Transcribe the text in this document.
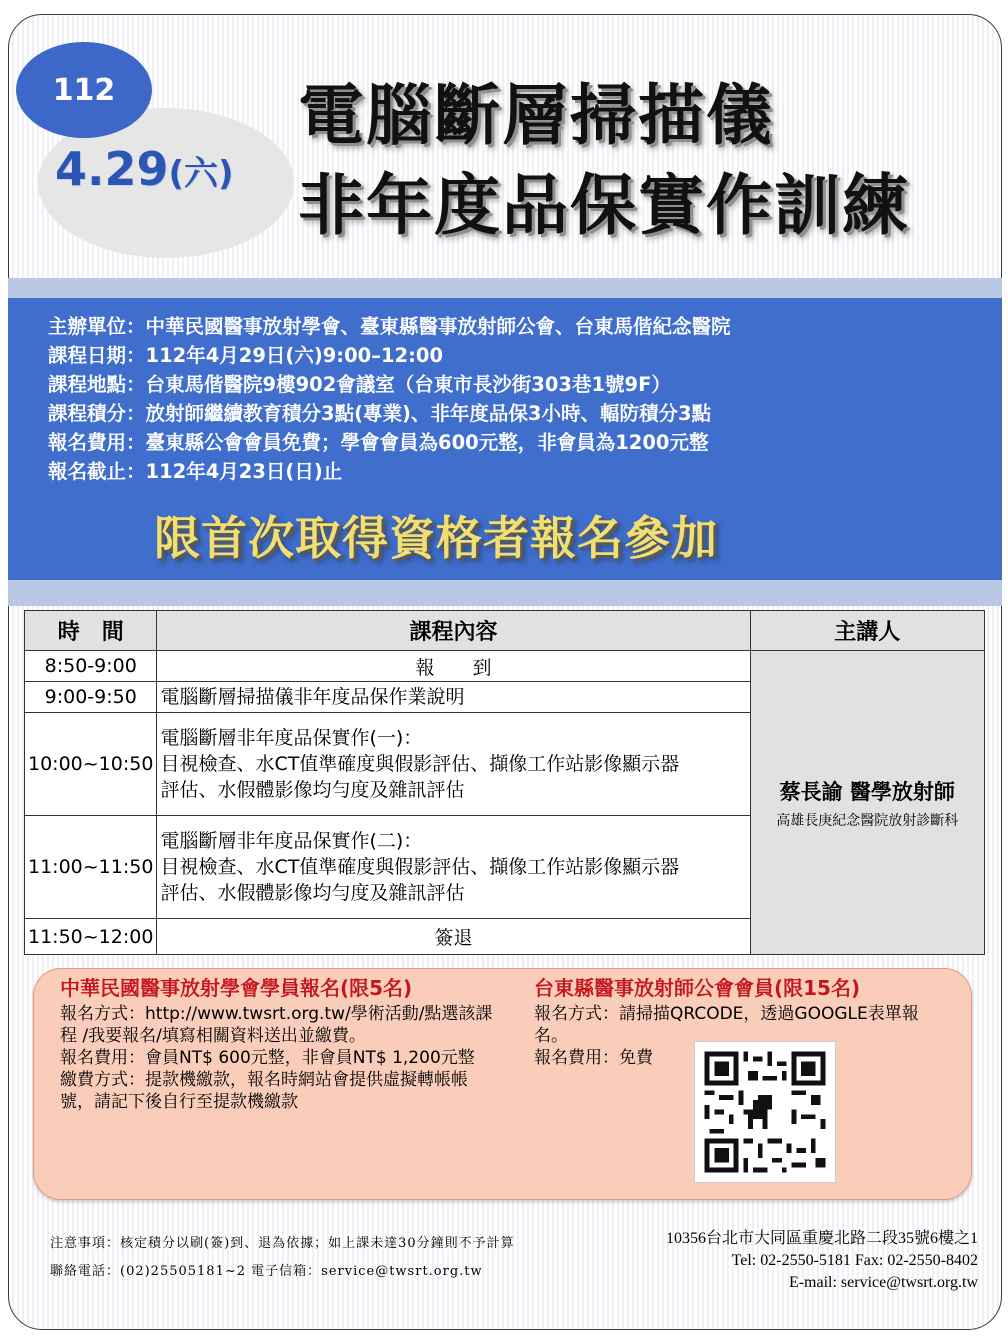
112
4.29(六)
電腦斷層掃描儀
非年度品保實作訓練
主辦單位：中華民國醫事放射學會、臺東縣醫事放射師公會、台東馬偕紀念醫院
課程日期：112年4月29日(六)9:00–12:00
課程地點：台東馬偕醫院9樓902會議室（台東市長沙街303巷1號9F）
課程積分：放射師繼續教育積分3點(專業)、非年度品保3小時、輻防積分3點
報名費用：臺東縣公會會員免費；學會會員為600元整，非會員為1200元整
報名截止：112年4月23日(日)止
限首次取得資格者報名參加
時　間	課程內容	主講人
8:50-9:00	報　　到	蔡長諭 醫學放射師
高雄長庚紀念醫院放射診斷科

9:00-9:50	電腦斷層掃描儀非年度品保作業說明	
10:00~10:50	電腦斷層非年度品保實作(一)：
目視檢查、水CT值準確度與假影評估、擷像工作站影像顯示器
評估、水假體影像均勻度及雜訊評估	

11:00~11:50	電腦斷層非年度品保實作(二)：
目視檢查、水CT值準確度與假影評估、擷像工作站影像顯示器
評估、水假體影像均勻度及雜訊評估	

11:50~12:00	簽退	
中華民國醫事放射學會學員報名(限5名)
報名方式：http://www.twsrt.org.tw/學術活動/點選該課程 /我要報名/填寫相關資料送出並繳費。
報名費用：會員NT$ 600元整，非會員NT$ 1,200元整
繳費方式：提款機繳款，報名時網站會提供虛擬轉帳帳號，請記下後自行至提款機繳款
台東縣醫事放射師公會會員(限15名)
報名方式：請掃描QRCODE，透過GOOGLE表單報名。
報名費用：免費
注意事項：核定積分以刷(簽)到、退為依據；如上課未達30分鐘則不予計算
聯絡電話：(02)25505181~2 電子信箱：service@twsrt.org.tw
10356台北市大同區重慶北路二段35號6樓之1
Tel: 02-2550-5181 Fax: 02-2550-8402
E-mail: service@twsrt.org.tw
